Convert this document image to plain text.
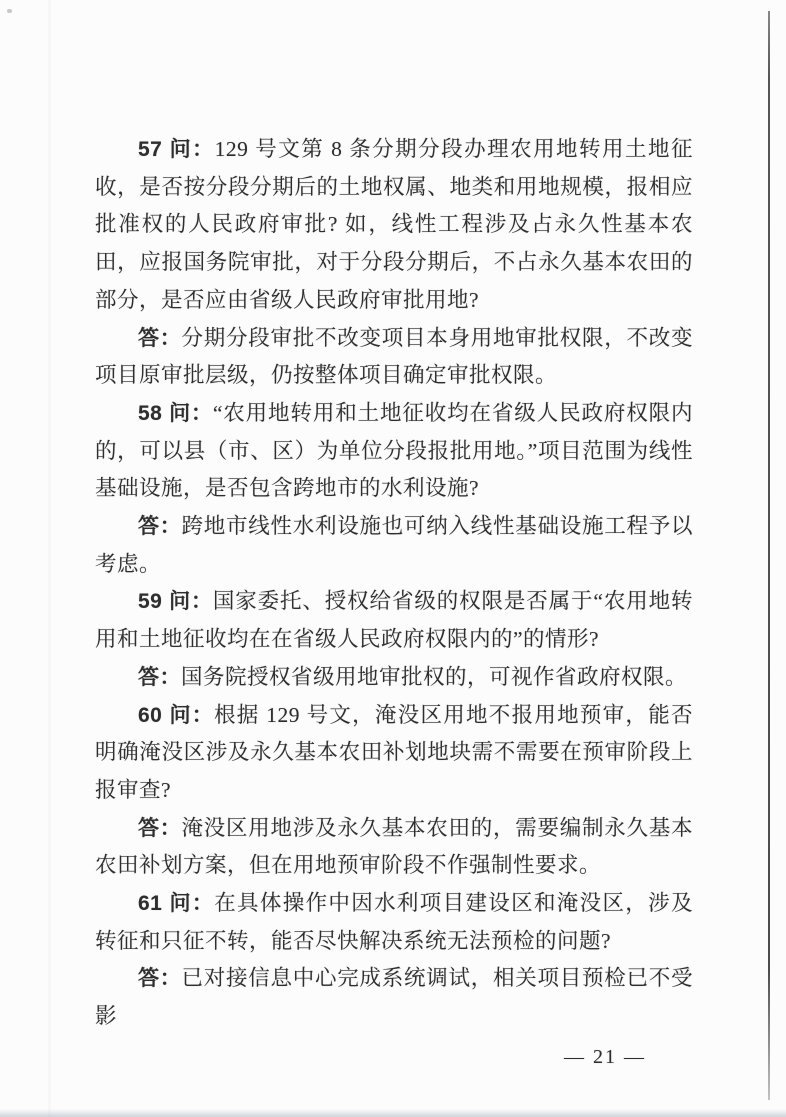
57 问：129 号文第 8 条分期分段办理农用地转用土地征收，是否按分段分期后的土地权属、地类和用地规模，报相应批准权的人民政府审批? 如，线性工程涉及占永久性基本农田，应报国务院审批，对于分段分期后，不占永久基本农田的部分，是否应由省级人民政府审批用地?

答：分期分段审批不改变项目本身用地审批权限，不改变项目原审批层级，仍按整体项目确定审批权限。

58 问：“农用地转用和土地征收均在省级人民政府权限内的，可以县（市、区）为单位分段报批用地。”项目范围为线性基础设施，是否包含跨地市的水利设施?

答：跨地市线性水利设施也可纳入线性基础设施工程予以考虑。

59 问：国家委托、授权给省级的权限是否属于“农用地转用和土地征收均在在省级人民政府权限内的”的情形?

答：国务院授权省级用地审批权的，可视作省政府权限。

60 问：根据 129 号文，淹没区用地不报用地预审，能否明确淹没区涉及永久基本农田补划地块需不需要在预审阶段上报审查?

答：淹没区用地涉及永久基本农田的，需要编制永久基本农田补划方案，但在用地预审阶段不作强制性要求。

61 问：在具体操作中因水利项目建设区和淹没区，涉及转征和只征不转，能否尽快解决系统无法预检的问题?

答：已对接信息中心完成系统调试，相关项目预检已不受影

— 21 —
